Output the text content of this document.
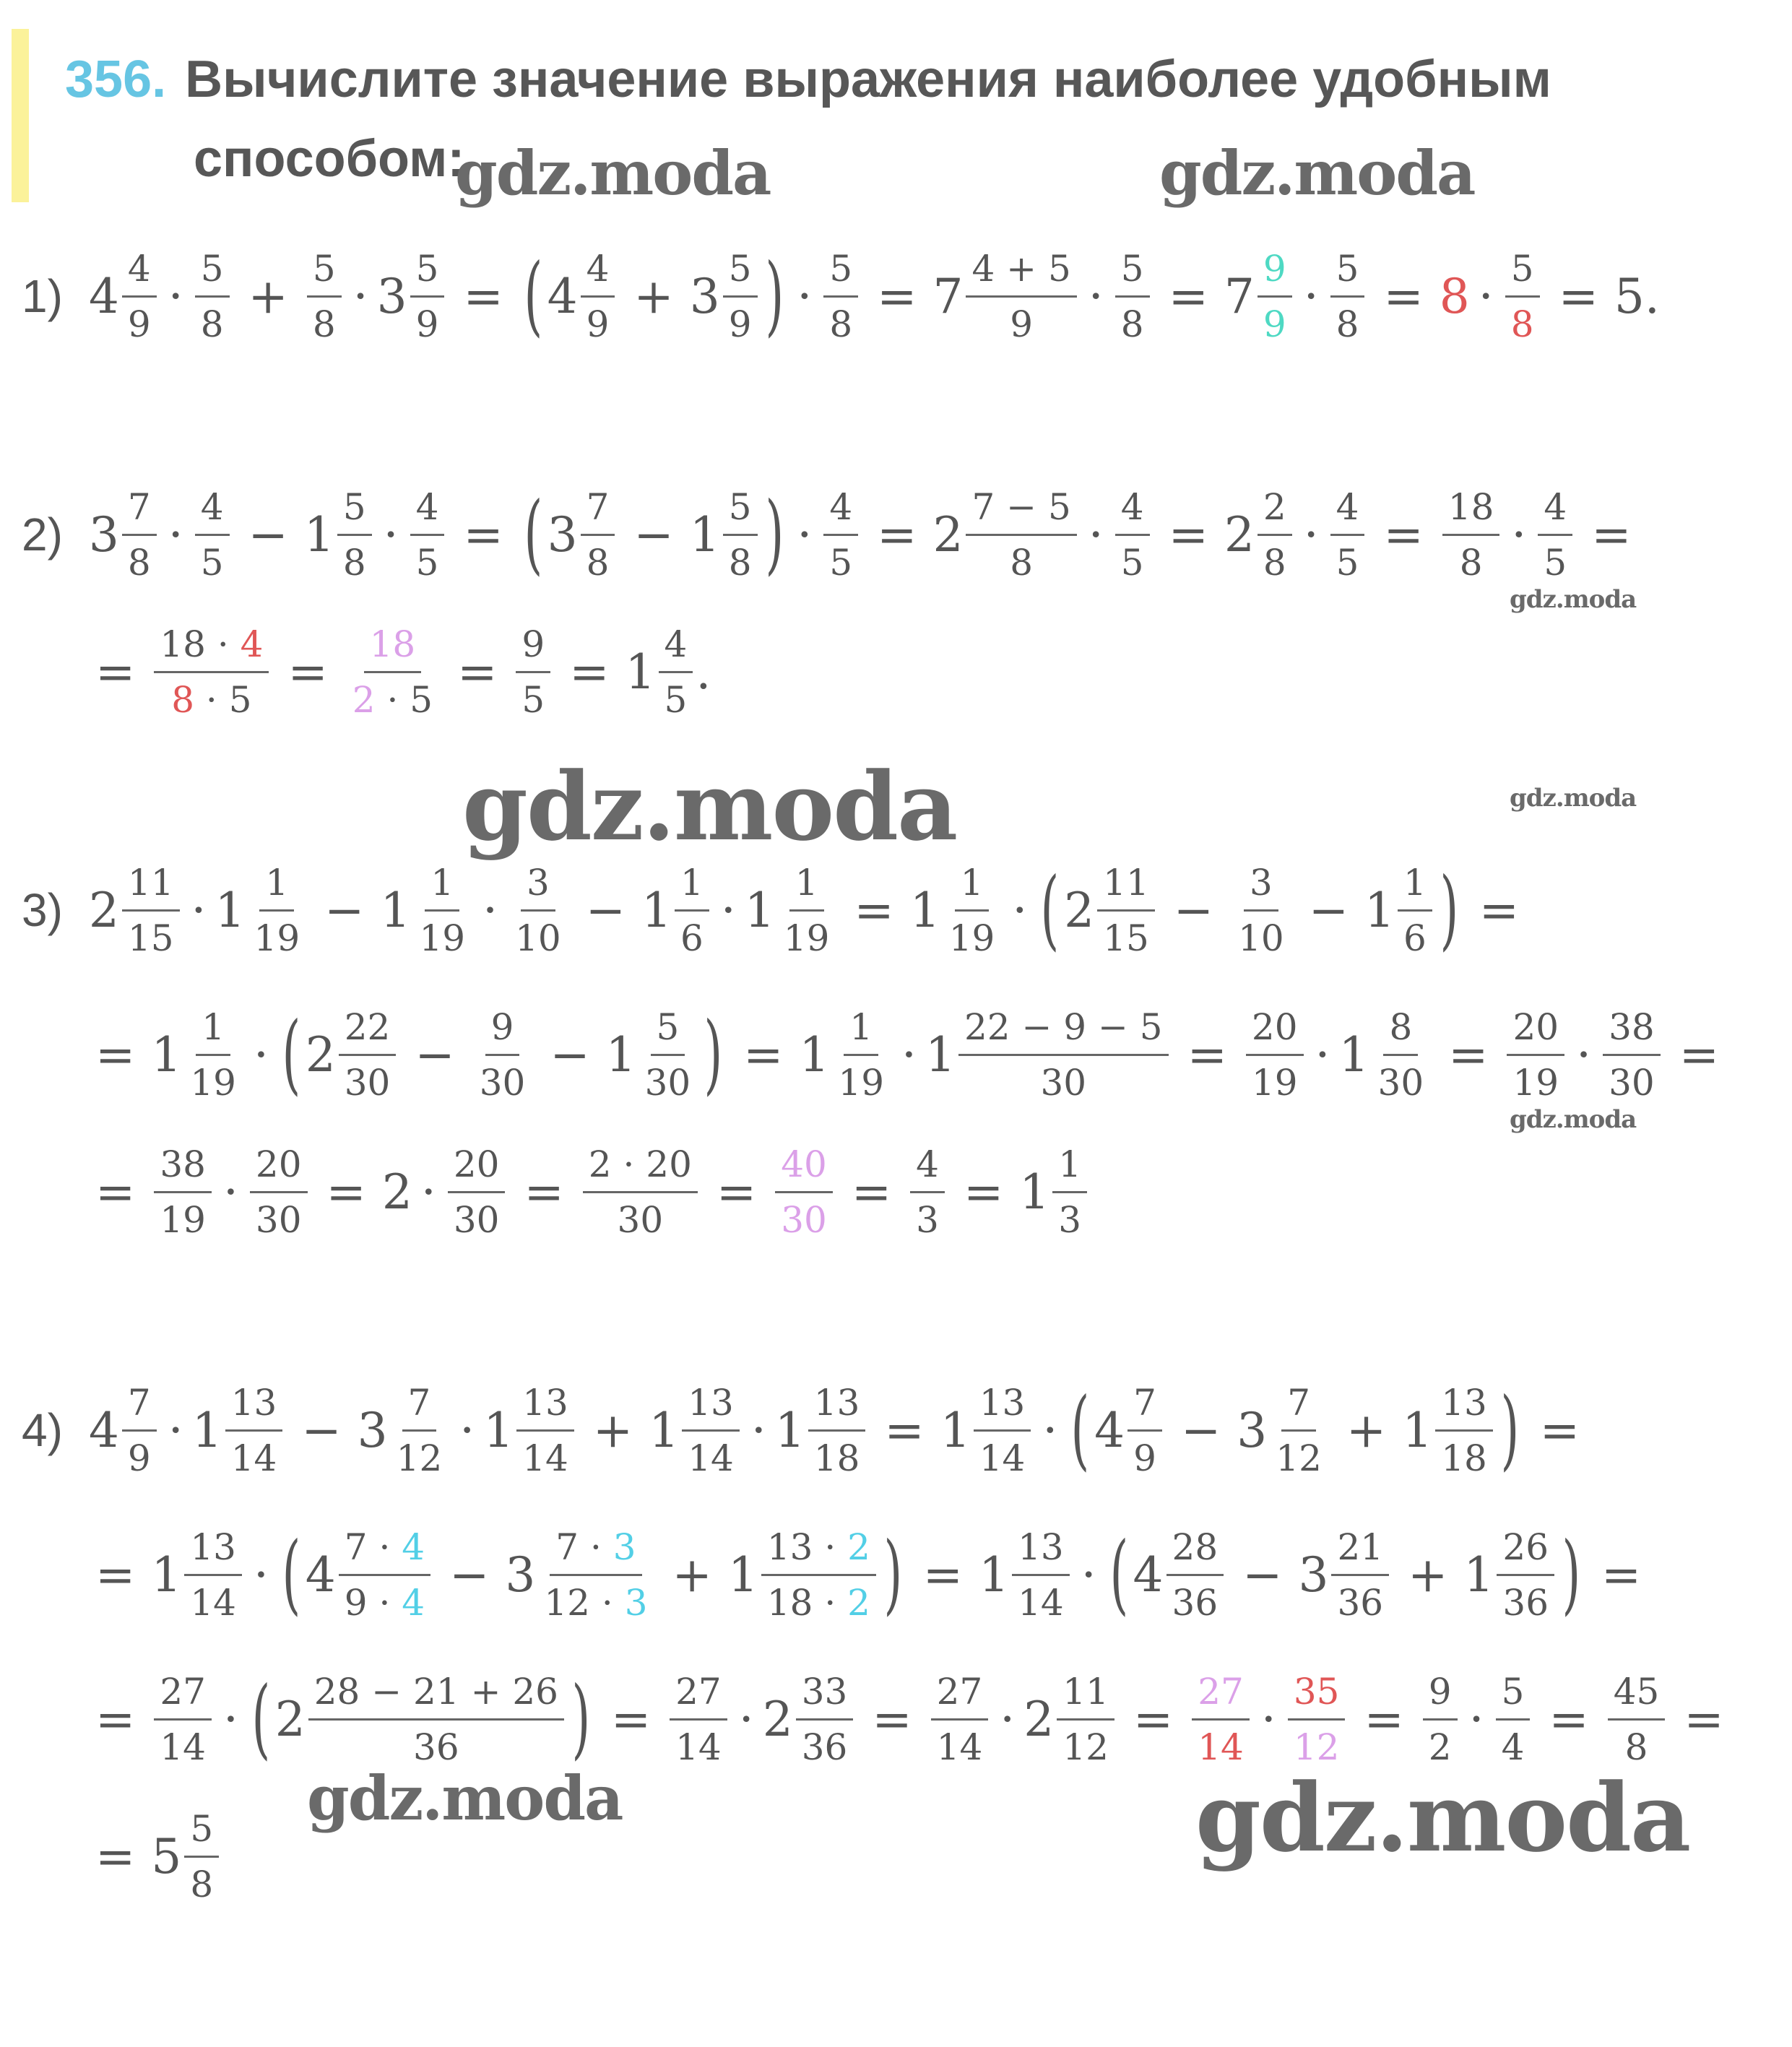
356. Вычислите значение выражения наиболее удобным
способом:
gdz.moda	gdz.moda
gdz.moda
gdz.moda
gdz.moda
gdz.moda
gdz.moda	gdz.moda
1) 4 4
9 · 5
$8 + \frac{5}{8} \cdot 3 \frac{5}{9}$ = ( 4 4
9 + 3 5
9 ) · $\frac{5}{8} = 7$ 4 + 5
$9 \cdot \frac{5}{8} = 7$ 9
$9 \cdot \frac{5}{8} = 8 \cdot \frac{5}{8} = 5$.
2) 3 7
8 · 4
5 − 1 5
$8 \cdot \frac{4}{5}$ = ( 3 7
8 − 1 5
8 ) · $\frac{4}{5} = 2$ 7 − 5
$8 \cdot \frac{4}{5} = 2$ 2
$8 \cdot \frac{4}{5} = \frac{18}{8} \cdot \frac{4}{5}$ =
= $\frac{18 \cdot 4}{8 \cdot 5} = \frac{18}{2 \cdot 5} = \frac{9}{5} = 1$ 4
5 .
3) 2 11
15 · 1 1
19 − 1 1
19 · 3
10 − 1 1
$6 \cdot 1 \frac{1}{19} = 1$ 1
19 · ( 2 11
$15 - \frac{3}{10} - 1$ 1
6 ) =
= 1 1
19 · ( 2 22
$30 - \frac{9}{30} - 1$ 5
30 ) = 1 1
$19 \cdot 1 \frac{22 - 9 - 5}{30} = \frac{20}{19} \cdot 1 \frac{8}{30} = \frac{20}{19} \cdot \frac{38}{30}$ =
= $\frac{38}{19} \cdot \frac{20}{30} = 2 \cdot \frac{20}{30} = \frac{2 \cdot 20}{30} = \frac{40}{30} = \frac{4}{3} = 1$ 1
3
4) 4 7
9 · 1 13
14 − 3 7
12 · 1 13
14 + 1 13
$14 \cdot 1 \frac{13}{18} = 1$ 13
14 · ( 4 7
9 − 3 7
12 + 1 13
18 ) =
= 1 13
14 · ( 4 7 · 4
9 · 4 − 3 7 · 3
12 · 3 + 1 13 · 2
18 · 2 ) = 1 13
14 · ( 4 28
36 − 3 21
36 + 1 26
36 ) =
= $\frac{27}{14}$ · ( 2 28 − 21 + 26
36 ) = $\frac{27}{14} \cdot 2 \frac{33}{36} = \frac{27}{14} \cdot 2 \frac{11}{12} = \frac{27}{14} \cdot \frac{35}{12} = \frac{9}{2} \cdot \frac{5}{4} = \frac{45}{8}$ =
= 5 5
8
